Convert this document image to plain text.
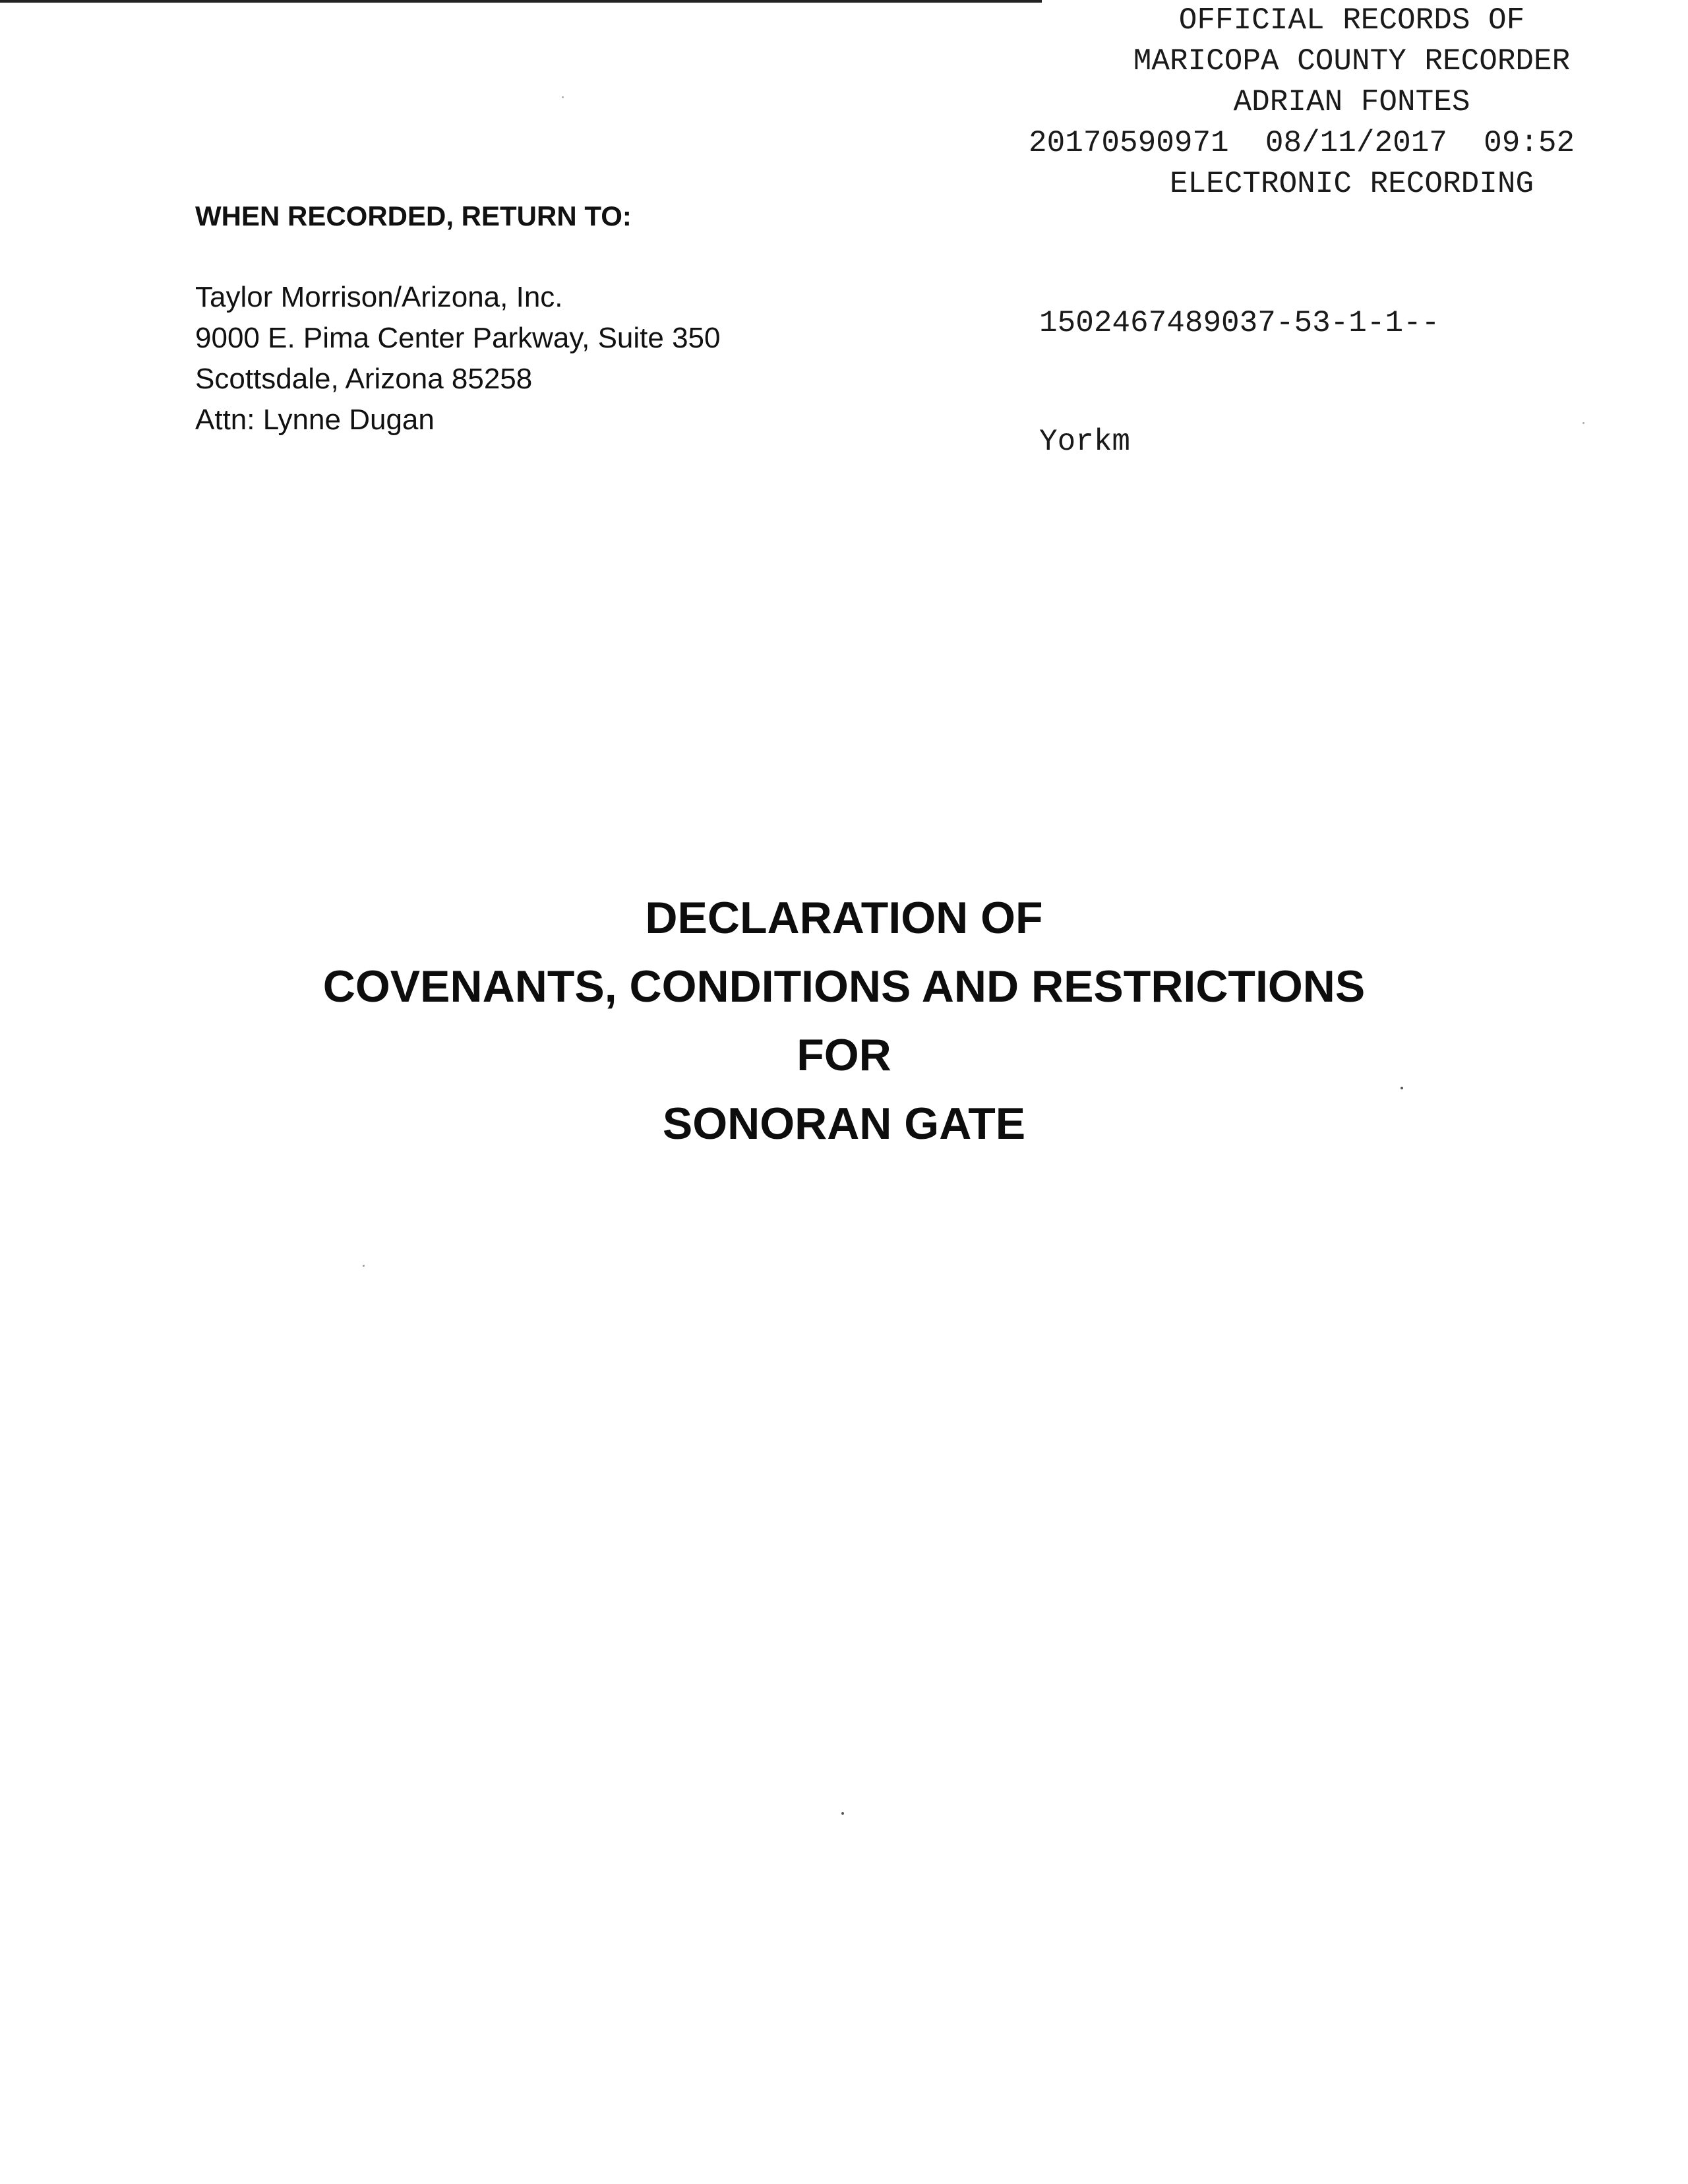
OFFICIAL RECORDS OF
MARICOPA COUNTY RECORDER
ADRIAN FONTES
20170590971  08/11/2017  09:52
ELECTRONIC RECORDING

1502467489037-53-1-1--

Yorkm

WHEN RECORDED, RETURN TO:
Taylor Morrison/Arizona, Inc.
9000 E. Pima Center Parkway, Suite 350
Scottsdale, Arizona 85258
Attn: Lynne Dugan
DECLARATION OF
COVENANTS, CONDITIONS AND RESTRICTIONS
FOR
SONORAN GATE
